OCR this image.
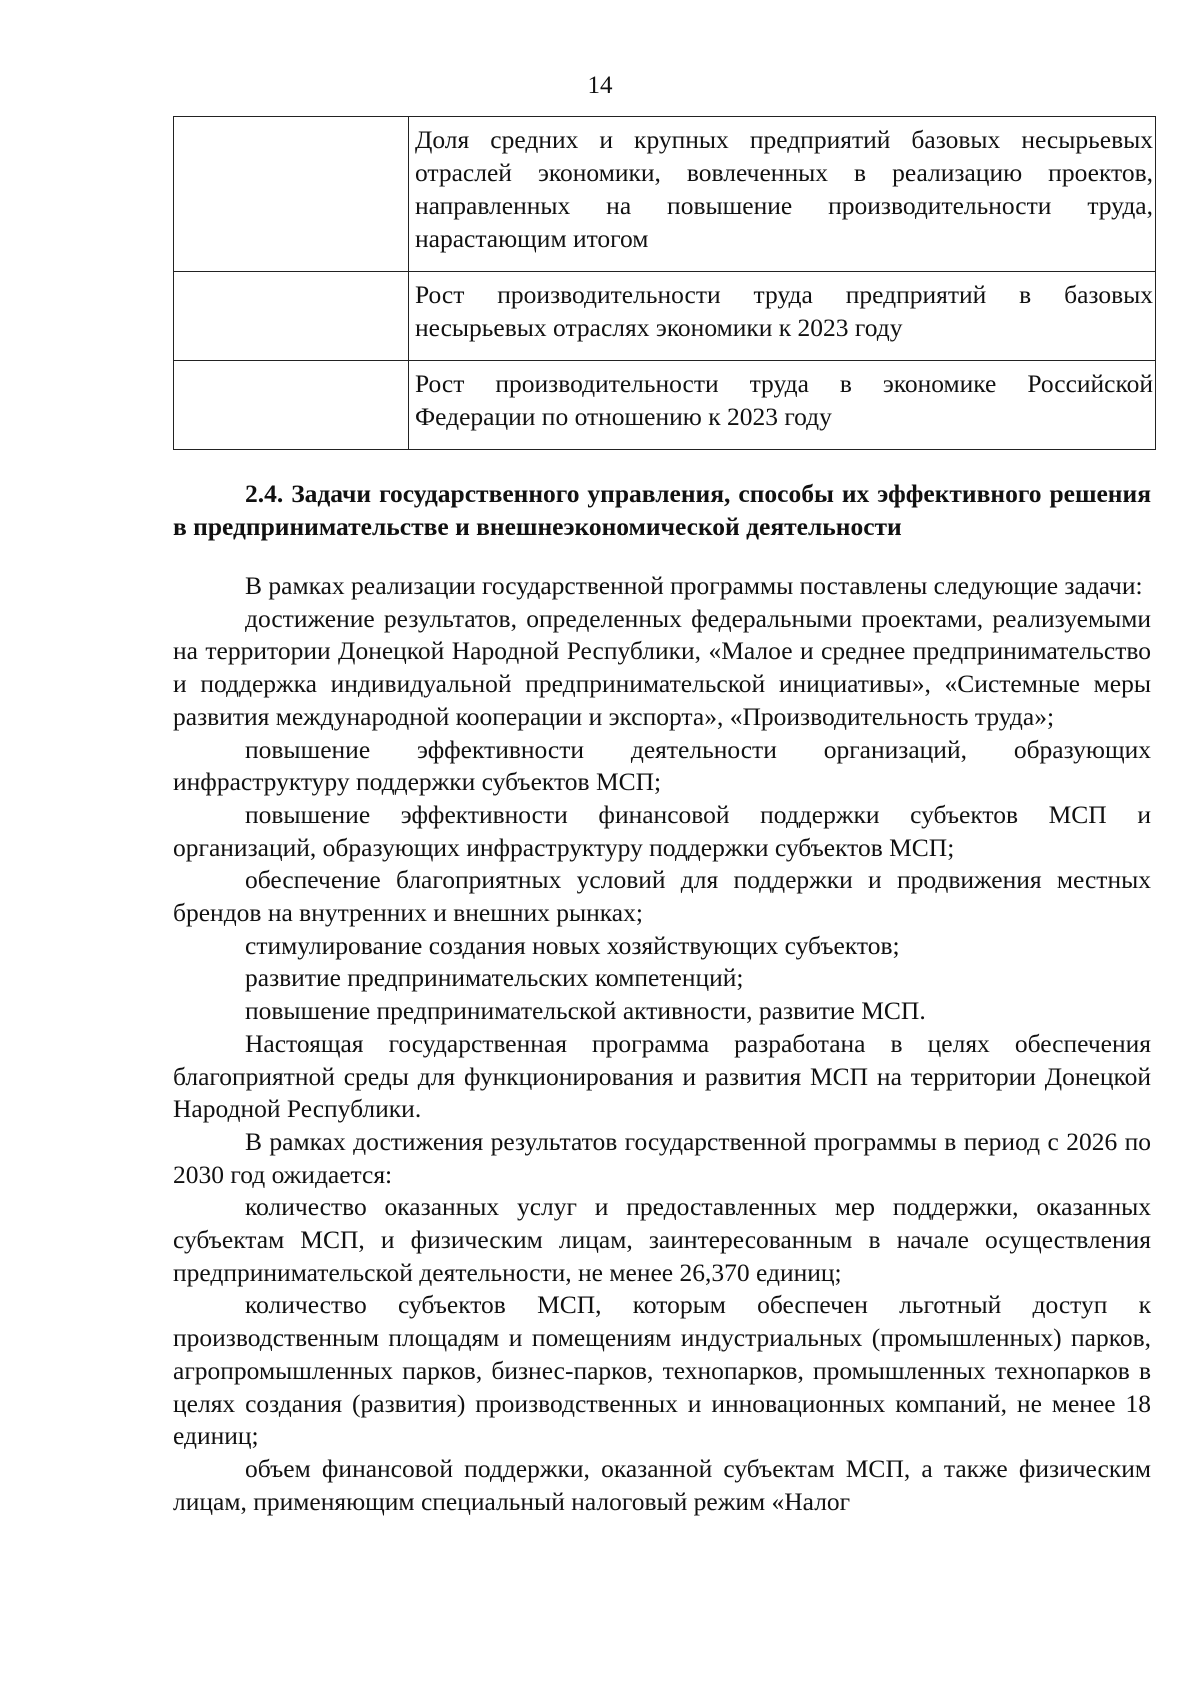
14
	Доля средних и крупных предприятий базовых несырьевых отраслей экономики, вовлеченных в реализацию проектов, направленных на повышение производительности труда, нарастающим итогом
	Рост производительности труда предприятий в базовых несырьевых отраслях экономики к 2023 году
	Рост производительности труда в экономике Российской Федерации по отношению к 2023 году
2.4. Задачи государственного управления, способы их эффективного решения в предпринимательстве и внешнеэкономической деятельности

В рамках реализации государственной программы поставлены следующие задачи:

достижение результатов, определенных федеральными проектами, реализуемыми на территории Донецкой Народной Республики, «Малое и среднее предпринимательство и поддержка индивидуальной предпринимательской инициативы», «Системные меры развития международной кооперации и экспорта», «Производительность труда»;

повышение эффективности деятельности организаций, образующих инфраструктуру поддержки субъектов МСП;

повышение эффективности финансовой поддержки субъектов МСП и организаций, образующих инфраструктуру поддержки субъектов МСП;

обеспечение благоприятных условий для поддержки и продвижения местных брендов на внутренних и внешних рынках;

стимулирование создания новых хозяйствующих субъектов;

развитие предпринимательских компетенций;

повышение предпринимательской активности, развитие МСП.

Настоящая государственная программа разработана в целях обеспечения благоприятной среды для функционирования и развития МСП на территории Донецкой Народной Республики.

В рамках достижения результатов государственной программы в период с 2026 по 2030 год ожидается:

количество оказанных услуг и предоставленных мер поддержки, оказанных субъектам МСП, и физическим лицам, заинтересованным в начале осуществления предпринимательской деятельности, не менее 26,370 единиц;

количество субъектов МСП, которым обеспечен льготный доступ к производственным площадям и помещениям индустриальных (промышленных) парков, агропромышленных парков, бизнес-парков, технопарков, промышленных технопарков в целях создания (развития) производственных и инновационных компаний, не менее 18 единиц;

объем финансовой поддержки, оказанной субъектам МСП, а также физическим лицам, применяющим специальный налоговый режим «Налог
